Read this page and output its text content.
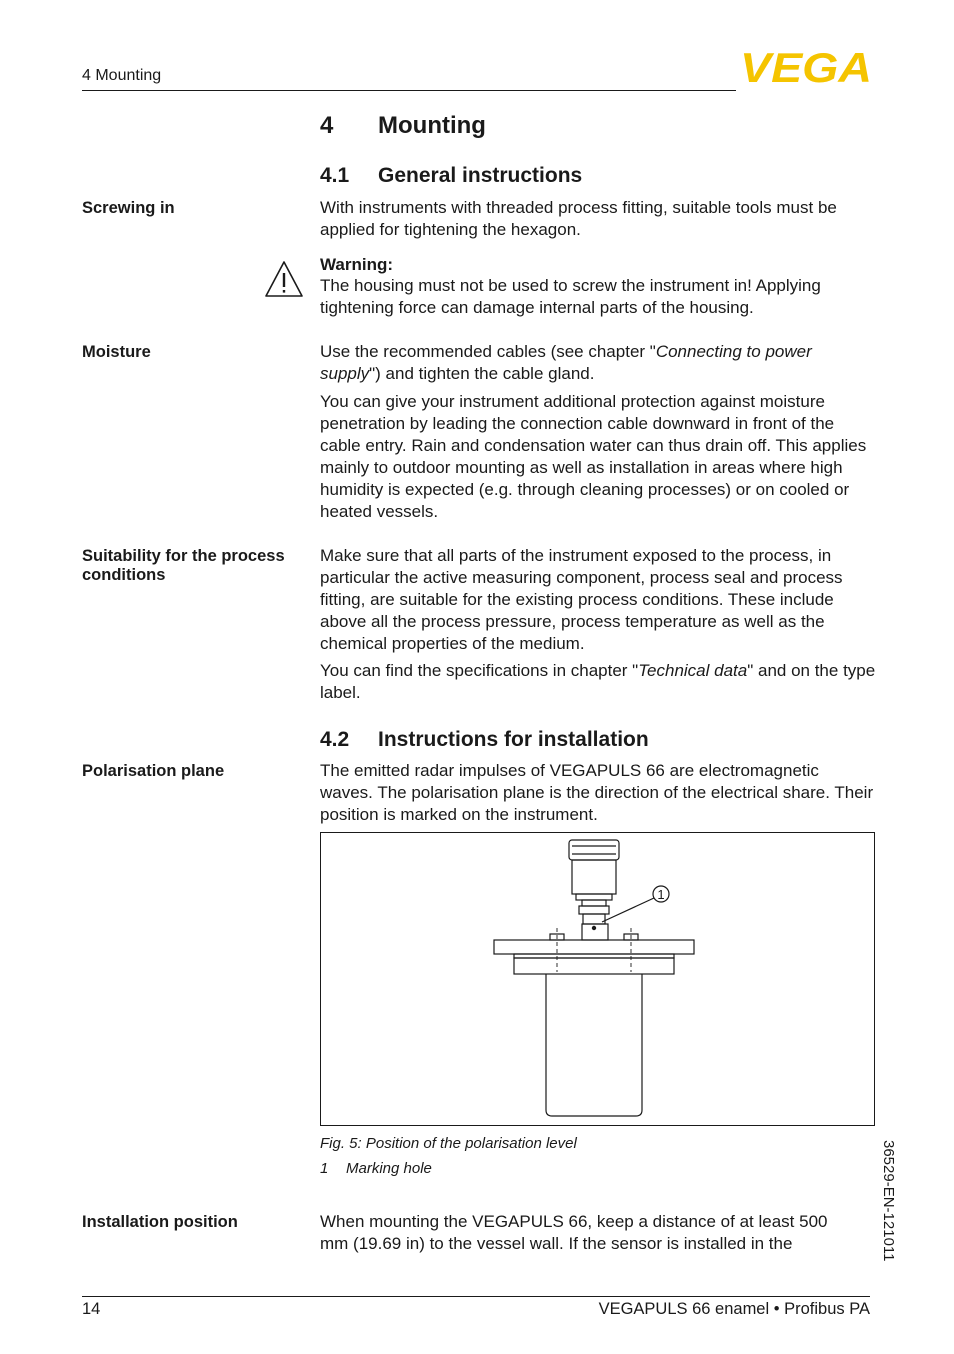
4 Mounting	VEGA
4 Mounting
4.1 General instructions
Screwing in	With instruments with threaded process fitting, suitable tools must be applied for tightening the hexagon.
Warning:
The housing must not be used to screw the instrument in! Applying tightening force can damage internal parts of the housing.
Moisture	Use the recommended cables (see chapter "Connecting to power supply") and tighten the cable gland.
You can give your instrument additional protection against moisture penetration by leading the connection cable downward in front of the cable entry. Rain and condensation water can thus drain off. This applies mainly to outdoor mounting as well as installation in areas where high humidity is expected (e.g. through cleaning processes) or on cooled or heated vessels.
Suitability for the process conditions
Make sure that all parts of the instrument exposed to the process, in particular the active measuring component, process seal and process fitting, are suitable for the existing process conditions. These include above all the process pressure, process temperature as well as the chemical properties of the medium.
You can find the specifications in chapter "Technical data" and on the type label.
4.2 Instructions for installation
Polarisation plane	The emitted radar impulses of VEGAPULS 66 are electromagnetic waves. The polarisation plane is the direction of the electrical share. Their position is marked on the instrument.
1
Fig. 5: Position of the polarisation level
1 Marking hole
Installation position	When mounting the VEGAPULS 66, keep a distance of at least 500 mm (19.69 in) to the vessel wall. If the sensor is installed in the	36529-EN-121011
14	VEGAPULS 66 enamel • Profibus PA
